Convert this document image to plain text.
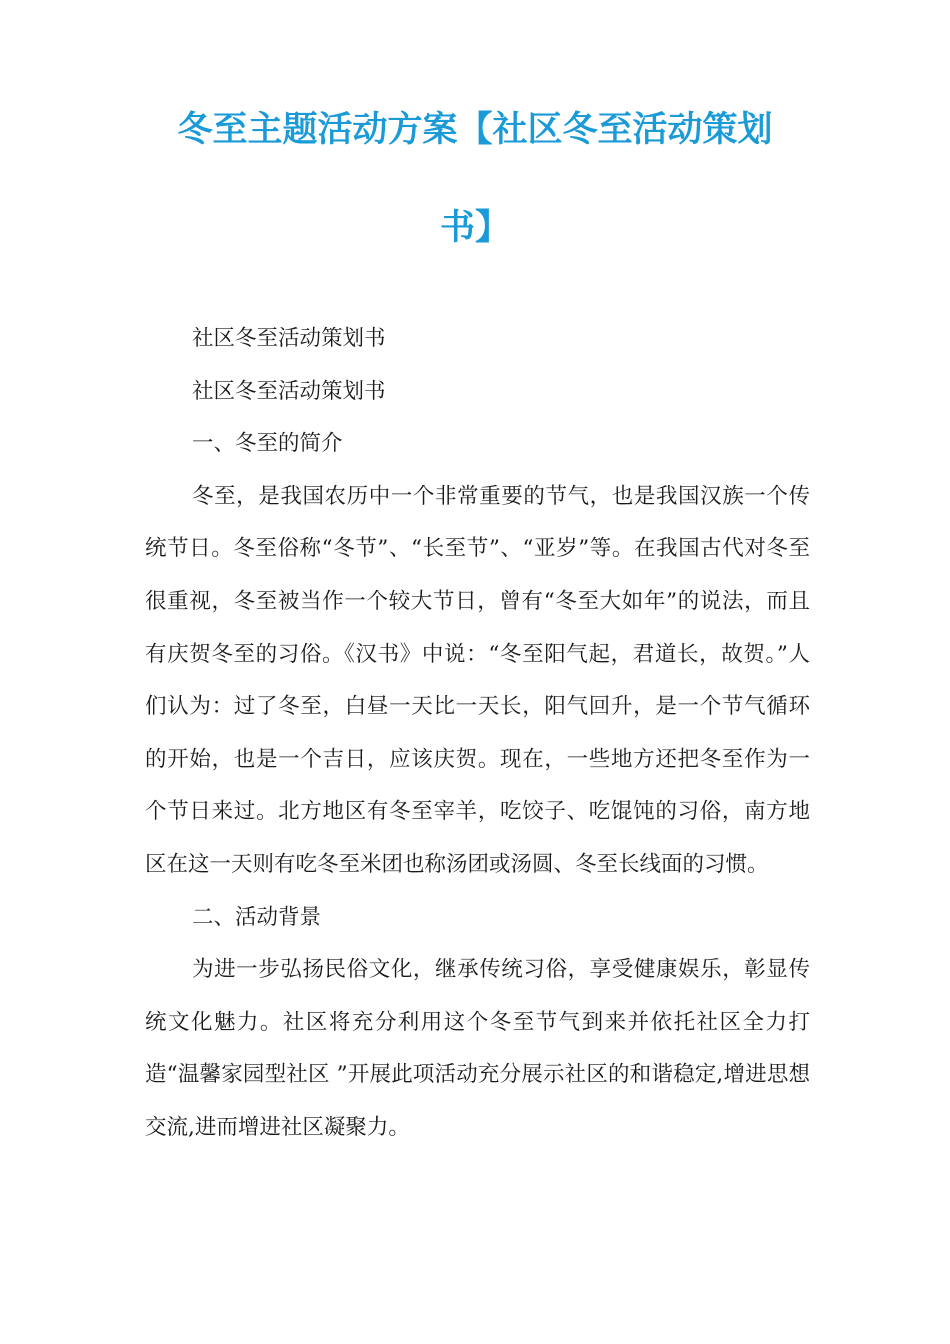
冬至主题活动方案【社区冬至活动策划
书】

社区冬至活动策划书

社区冬至活动策划书

一、冬至的简介

冬至，是我国农历中一个非常重要的节气，也是我国汉族一个传统节日。冬至俗称“冬节”、“长至节”、“亚岁”等。在我国古代对冬至很重视，冬至被当作一个较大节日，曾有“冬至大如年”的说法，而且有庆贺冬至的习俗。《汉书》中说：“冬至阳气起，君道长，故贺。”人们认为：过了冬至，白昼一天比一天长，阳气回升，是一个节气循环的开始，也是一个吉日，应该庆贺。现在，一些地方还把冬至作为一个节日来过。北方地区有冬至宰羊，吃饺子、吃馄饨的习俗，南方地区在这一天则有吃冬至米团也称汤团或汤圆、冬至长线面的习惯。

二、活动背景

为进一步弘扬民俗文化，继承传统习俗，享受健康娱乐，彰显传统文化魅力。社区将充分利用这个冬至节气到来并依托社区全力打造“温馨家园型社区 ”开展此项活动充分展示社区的和谐稳定,增进思想交流,进而增进社区凝聚力。
